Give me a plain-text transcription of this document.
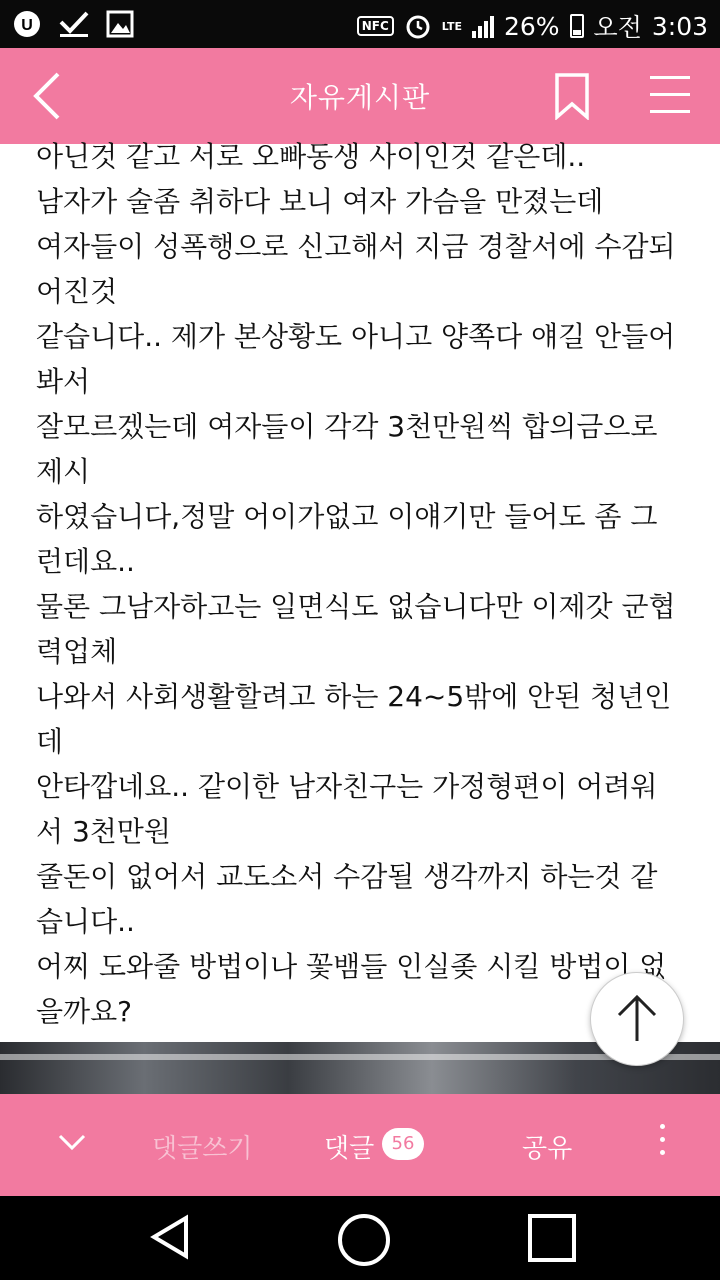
U	NFC	LTE 26% 오전 3:03
자유게시판
아닌것 같고 서로 오빠동생 사이인것 같은데..
남자가 술좀 취하다 보니 여자 가슴을 만졌는데
여자들이 성폭행으로 신고해서 지금 경찰서에 수감되
어진것
같습니다.. 제가 본상황도 아니고 양쪽다 얘길 안들어
봐서
잘모르겠는데 여자들이 각각 3천만원씩 합의금으로
제시
하였습니다,정말 어이가없고 이얘기만 들어도 좀 그
런데요..
물론 그남자하고는 일면식도 없습니다만 이제갓 군협
력업체
나와서 사회생활할려고 하는 24~5밖에 안된 청년인
데
안타깝네요.. 같이한 남자친구는 가정형편이 어려워
서 3천만원
줄돈이 없어서 교도소서 수감될 생각까지 하는것 같
습니다..
어찌 도와줄 방법이나 꽃뱀들 인실좆 시킬 방법이 없
을까요?
댓글쓰기	댓글 56	공유
